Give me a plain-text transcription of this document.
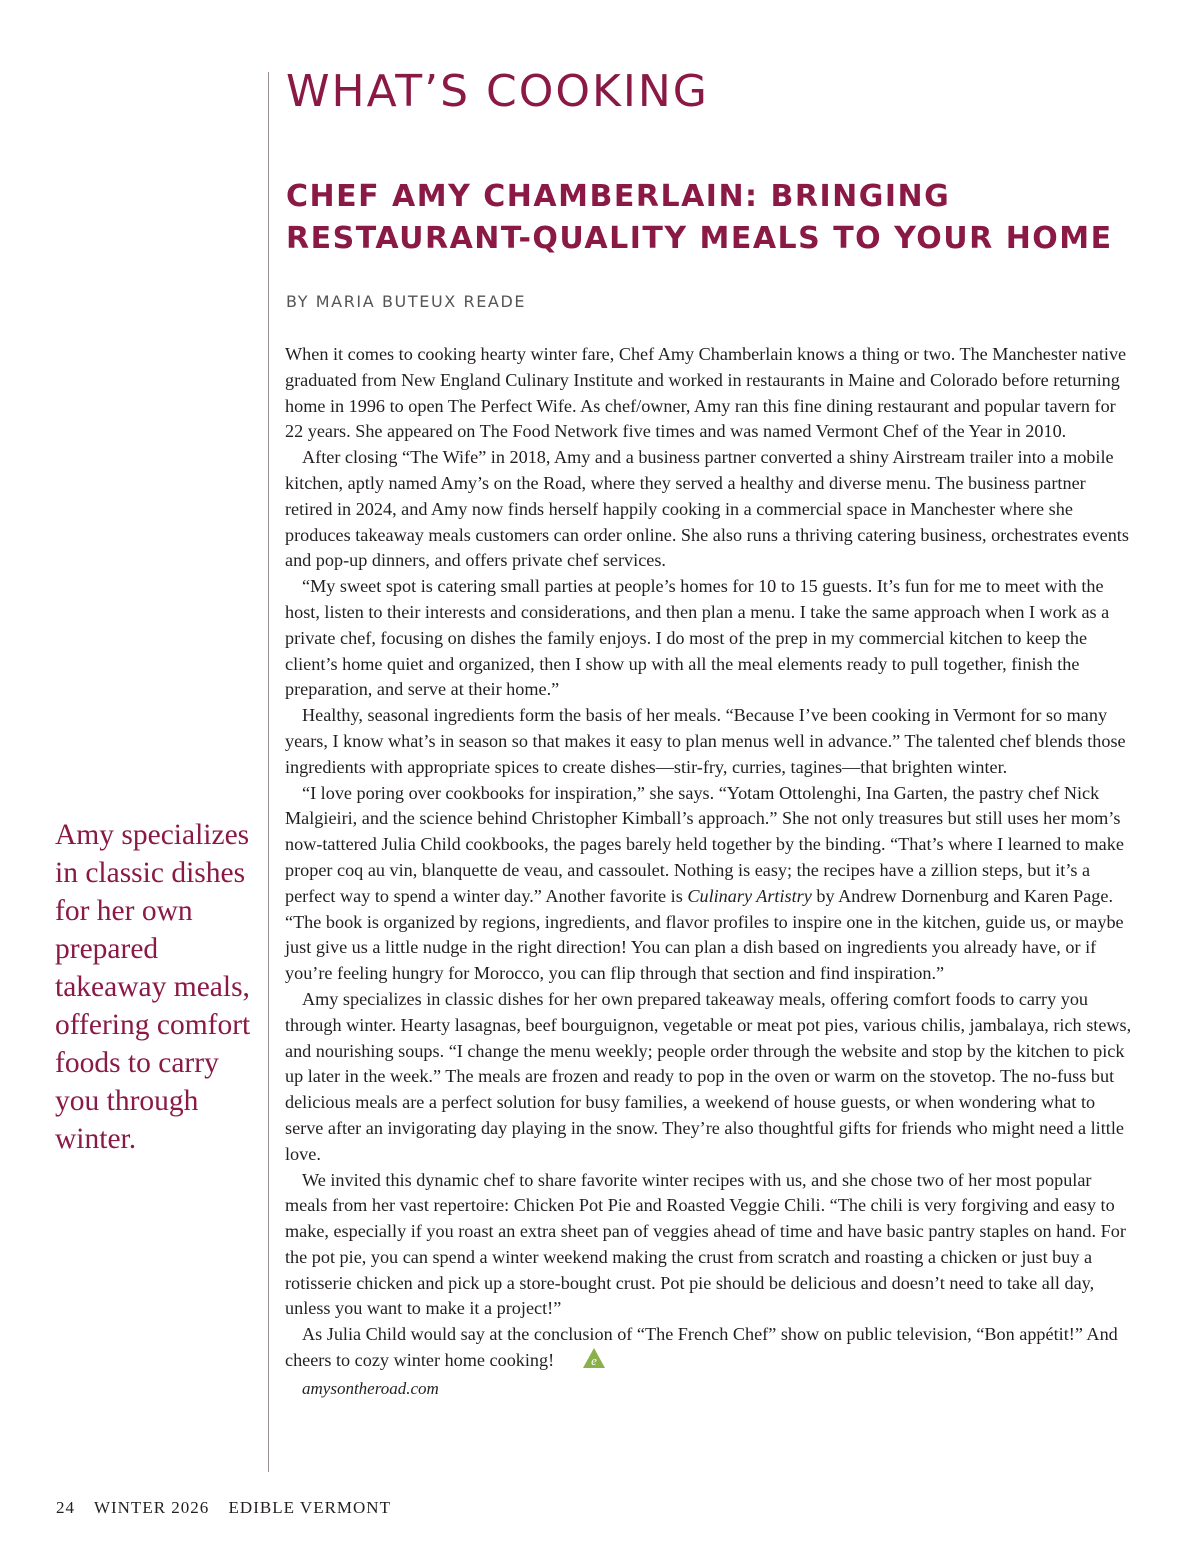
WHAT’S COOKING
CHEF AMY CHAMBERLAIN: BRINGING RESTAURANT-QUALITY MEALS TO YOUR HOME
BY MARIA BUTEUX READE

When it comes to cooking hearty winter fare, Chef Amy Chamberlain knows a thing or two. The Manchester native graduated from New England Culinary Institute and worked in restaurants in Maine and Colorado before returning home in 1996 to open The Perfect Wife. As chef/owner, Amy ran this fine dining restaurant and popular tavern for 22 years. She appeared on The Food Network five times and was named Vermont Chef of the Year in 2010.

After closing “The Wife” in 2018, Amy and a business partner converted a shiny Airstream trailer into a mobile kitchen, aptly named Amy’s on the Road, where they served a healthy and diverse menu. The business partner retired in 2024, and Amy now finds herself happily cooking in a commercial space in Manchester where she produces takeaway meals customers can order online. She also runs a thriving catering business, orchestrates events and pop-up dinners, and offers private chef services.

“My sweet spot is catering small parties at people’s homes for 10 to 15 guests. It’s fun for me to meet with the host, listen to their interests and considerations, and then plan a menu. I take the same approach when I work as a private chef, focusing on dishes the family enjoys. I do most of the prep in my commercial kitchen to keep the client’s home quiet and organized, then I show up with all the meal elements ready to pull together, finish the preparation, and serve at their home.”

Healthy, seasonal ingredients form the basis of her meals. “Because I’ve been cooking in Vermont for so many years, I know what’s in season so that makes it easy to plan menus well in advance.” The talented chef blends those ingredients with appropriate spices to create dishes—stir-fry, curries, tagines—that brighten winter.

“I love poring over cookbooks for inspiration,” she says. “Yotam Ottolenghi, Ina Garten, the pastry chef Nick Malgieiri, and the science behind Christopher Kimball’s approach.” She not only treasures but still uses her mom’s now-tattered Julia Child cookbooks, the pages barely held together by the binding. “That’s where I learned to make proper coq au vin, blanquette de veau, and cassoulet. Nothing is easy; the recipes have a zillion steps, but it’s a perfect way to spend a winter day.” Another favorite is Culinary Artistry by Andrew Dornenburg and Karen Page. “The book is organized by regions, ingredients, and flavor profiles to inspire one in the kitchen, guide us, or maybe just give us a little nudge in the right direction! You can plan a dish based on ingredients you already have, or if you’re feeling hungry for Morocco, you can flip through that section and find inspiration.”

Amy specializes in classic dishes for her own prepared takeaway meals, offering comfort foods to carry you through winter. Hearty lasagnas, beef bourguignon, vegetable or meat pot pies, various chilis, jambalaya, rich stews, and nourishing soups. “I change the menu weekly; people order through the website and stop by the kitchen to pick up later in the week.” The meals are frozen and ready to pop in the oven or warm on the stovetop. The no-fuss but delicious meals are a perfect solution for busy families, a weekend of house guests, or when wondering what to serve after an invigorating day playing in the snow. They’re also thoughtful gifts for friends who might need a little love.

We invited this dynamic chef to share favorite winter recipes with us, and she chose two of her most popular meals from her vast repertoire: Chicken Pot Pie and Roasted Veggie Chili. “The chili is very forgiving and easy to make, especially if you roast an extra sheet pan of veggies ahead of time and have basic pantry staples on hand. For the pot pie, you can spend a winter weekend making the crust from scratch and roasting a chicken or just buy a rotisserie chicken and pick up a store-bought crust. Pot pie should be delicious and doesn’t need to take all day, unless you want to make it a project!”

As Julia Child would say at the conclusion of “The French Chef” show on public television, “Bon appétit!” And cheers to cozy winter home cooking!	e

amysontheroad.com

Amy specializes in classic dishes for her own prepared takeaway meals, offering comfort foods to carry you through winter.

24 WINTER 2026 EDIBLE VERMONT
